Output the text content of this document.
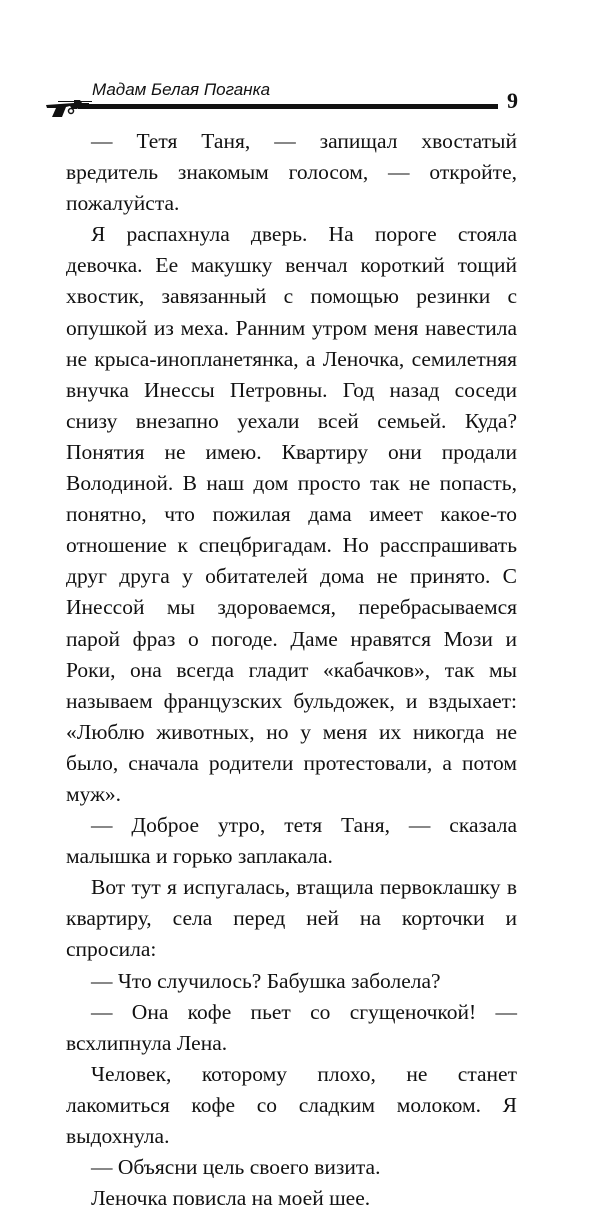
Мадам Белая Поганка	9

— Тетя Таня, — запищал хвостатый вредитель знакомым голосом, — откройте, пожалуйста.

Я распахнула дверь. На пороге стояла девочка. Ее макушку венчал короткий тощий хвостик, завязанный с помощью резинки с опушкой из меха. Ранним утром меня навестила не крыса-инопланетянка, а Леночка, семилетняя внучка Инессы Петровны. Год назад соседи снизу внезапно уехали всей семьей. Куда? Понятия не имею. Квартиру они продали Володиной. В наш дом просто так не попасть, понятно, что пожилая дама имеет какое-то отношение к спецбригадам. Но расспрашивать друг друга у обитателей дома не принято. С Инессой мы здороваемся, перебрасываемся парой фраз о погоде. Даме нравятся Мози и Роки, она всегда гладит «кабачков», так мы называем французских бульдожек, и вздыхает: «Люблю животных, но у меня их никогда не было, сначала родители протестовали, а потом муж».

— Доброе утро, тетя Таня, — сказала малышка и горько заплакала.

Вот тут я испугалась, втащила первоклашку в квартиру, села перед ней на корточки и спросила:

— Что случилось? Бабушка заболела?

— Она кофе пьет со сгущеночкой! — всхлипнула Лена.

Человек, которому плохо, не станет лакомиться кофе со сладким молоком. Я выдохнула.

— Объясни цель своего визита.

Леночка повисла на моей шее.
